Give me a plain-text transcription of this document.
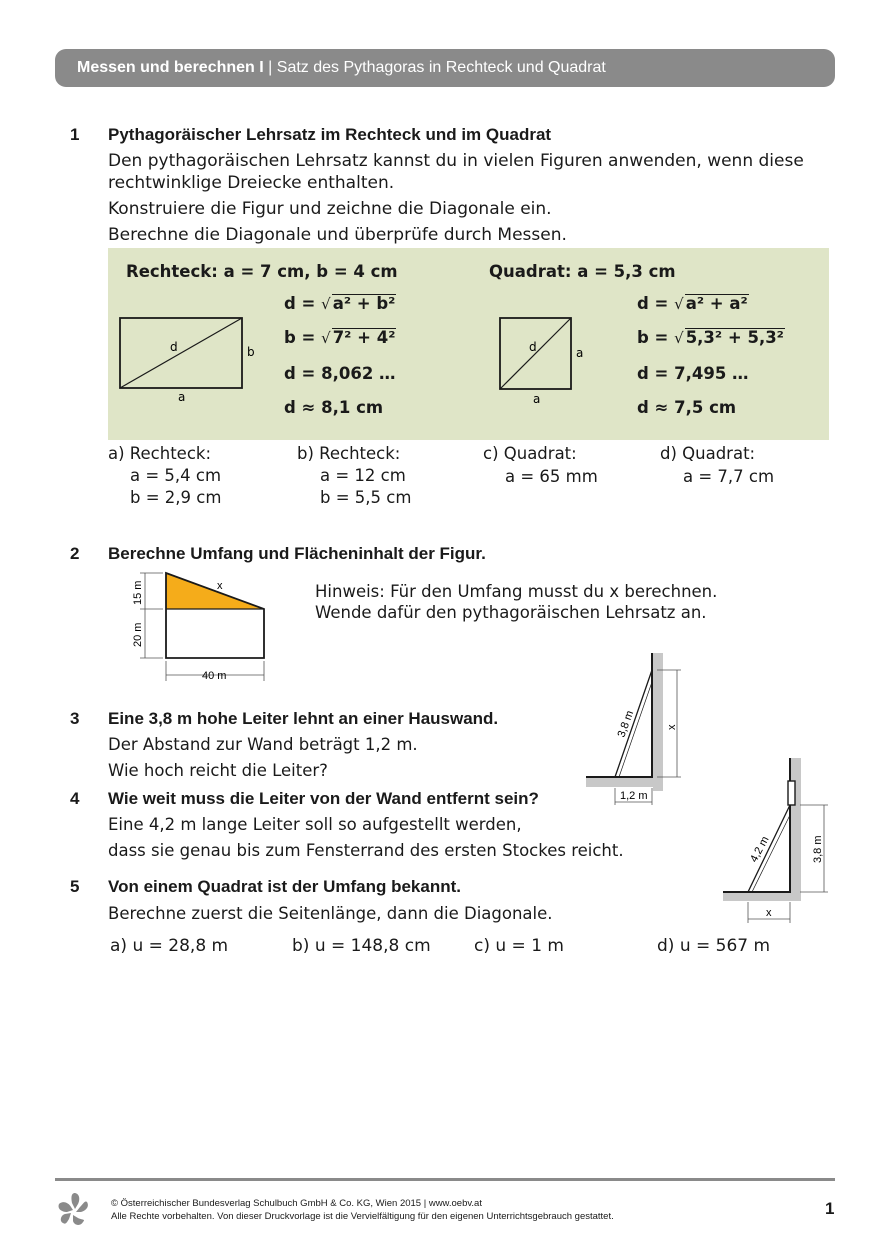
Messen und berechnen I | Satz des Pythagoras in Rechteck und Quadrat
1 Pythagoräischer Lehrsatz im Rechteck und im Quadrat
Den pythagoräischen Lehrsatz kannst du in vielen Figuren anwenden, wenn diese
rechtwinklige Dreiecke enthalten.
Konstruiere die Figur und zeichne die Diagonale ein.
Berechne die Diagonale und überprüfe durch Messen.
Rechteck: a = 7 cm, b = 4 cm
d
a
b
d = √ a² + b²
b = √ 7² + 4²
d = 8,062 …
d ≈ 8,1 cm
Quadrat: a = 5,3 cm
d
a
a
d = √ a² + a²
b = √ 5,3² + 5,3²
d = 7,495 …
d ≈ 7,5 cm
a) Rechteck:
a = 5,4 cm
b = 2,9 cm
b) Rechteck:
a = 12 cm
b = 5,5 cm
c) Quadrat:
a = 65 mm
d) Quadrat:
a = 7,7 cm
2 Berechne Umfang und Flächeninhalt der Figur.
x
40 m
15 m
20 m
Hinweis: Für den Umfang musst du x berechnen.
Wende dafür den pythagoräischen Lehrsatz an.
3 Eine 3,8 m hohe Leiter lehnt an einer Hauswand.
Der Abstand zur Wand beträgt 1,2 m.
Wie hoch reicht die Leiter?
3,8 m	x
1,2 m
4 Wie weit muss die Leiter von der Wand entfernt sein?
Eine 4,2 m lange Leiter soll so aufgestellt werden,
dass sie genau bis zum Fensterrand des ersten Stockes reicht.	4,2 m	3,8 m
x
5 Von einem Quadrat ist der Umfang bekannt.
Berechne zuerst die Seitenlänge, dann die Diagonale.
a) u = 28,8 m	b) u = 148,8 cm	c) u = 1 m	d) u = 567 m
© Österreichischer Bundesverlag Schulbuch GmbH & Co. KG, Wien 2015 | www.oebv.at
Alle Rechte vorbehalten. Von dieser Druckvorlage ist die Vervielfältigung für den eigenen Unterrichtsgebrauch gestattet.	1
